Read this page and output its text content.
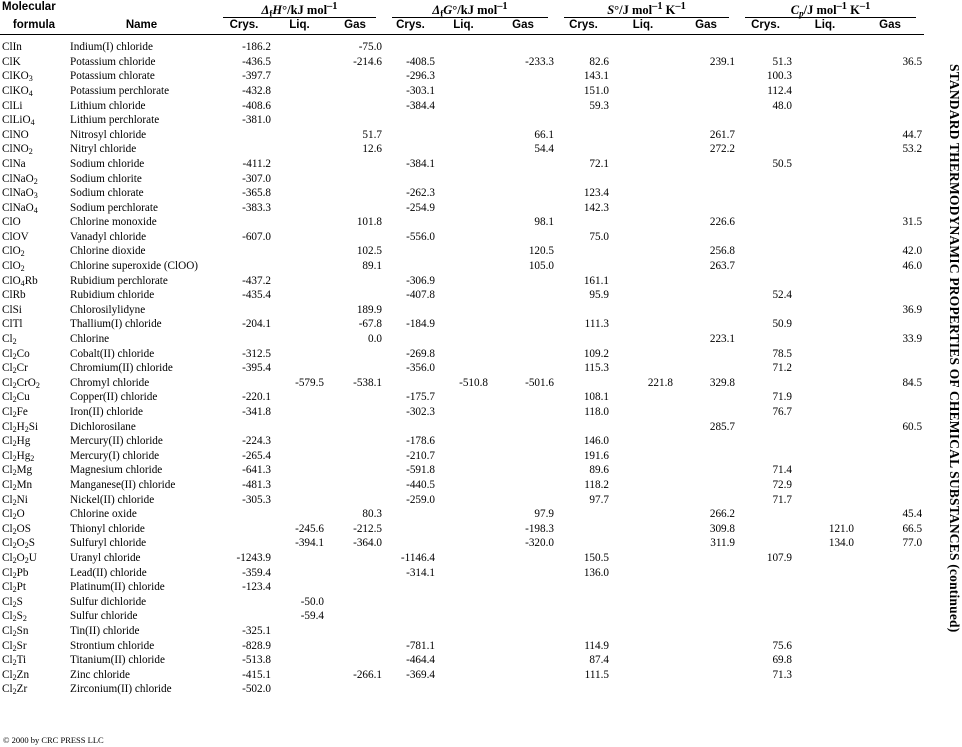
Molecular		$\Delta_fH^\circ/kJ$ mol$^{-1}$			$\Delta_fG^\circ/kJ$ mol$^{-1}$			S°/J mol$^{-1}$ $K^{-1}$			$C_p/J$ mol$^{-1}$ $K^{-1}$

formula	Name	Crys.	Liq.	Gas	Crys.	Liq.	Gas	Crys.	Liq.	Gas	Crys.	Liq.	Gas
ClIn	Indium(I) chloride	-186.2		-75.0									
ClK	Potassium chloride	-436.5		-214.6	-408.5		-233.3	82.6		239.1	51.3		36.5
ClKO$_3$	Potassium chlorate	-397.7			-296.3			143.1			100.3		
ClKO$_4$	Potassium perchlorate	-432.8			-303.1			151.0			112.4		
ClLi	Lithium chloride	-408.6			-384.4			59.3			48.0		
ClLiO$_4$	Lithium perchlorate	-381.0											
ClNO	Nitrosyl chloride			51.7			66.1			261.7			44.7
ClNO$_2$	Nitryl chloride			12.6			54.4			272.2			53.2
ClNa	Sodium chloride	-411.2			-384.1			72.1			50.5		
ClNaO$_2$	Sodium chlorite	-307.0											
ClNaO$_3$	Sodium chlorate	-365.8			-262.3			123.4					
ClNaO$_4$	Sodium perchlorate	-383.3			-254.9			142.3					
ClO	Chlorine monoxide			101.8			98.1			226.6			31.5
ClOV	Vanadyl chloride	-607.0			-556.0			75.0					
ClO$_2$	Chlorine dioxide			102.5			120.5			256.8			42.0
ClO$_2$	Chlorine superoxide (ClOO)			89.1			105.0			263.7			46.0
ClO$_4$Rb	Rubidium perchlorate	-437.2			-306.9			161.1					
ClRb	Rubidium chloride	-435.4			-407.8			95.9			52.4		
ClSi	Chlorosilylidyne			189.9									36.9
ClTl	Thallium(I) chloride	-204.1		-67.8	-184.9			111.3			50.9		
$Cl_2$	Chlorine			0.0						223.1			33.9
$Cl_2Co$	Cobalt(II) chloride	-312.5			-269.8			109.2			78.5		
$Cl_2Cr$	Chromium(II) chloride	-395.4			-356.0			115.3			71.2		
$Cl_2CrO_2$	Chromyl chloride		-579.5	-538.1		-510.8	-501.6		221.8	329.8			84.5
$Cl_2Cu$	Copper(II) chloride	-220.1			-175.7			108.1			71.9		
$Cl_2Fe$	Iron(II) chloride	-341.8			-302.3			118.0			76.7		
$Cl_2H_2Si$	Dichlorosilane									285.7			60.5
$Cl_2Hg$	Mercury(II) chloride	-224.3			-178.6			146.0					
$Cl_2Hg_2$	Mercury(I) chloride	-265.4			-210.7			191.6					
$Cl_2Mg$	Magnesium chloride	-641.3			-591.8			89.6			71.4		
$Cl_2Mn$	Manganese(II) chloride	-481.3			-440.5			118.2			72.9		
$Cl_2Ni$	Nickel(II) chloride	-305.3			-259.0			97.7			71.7		
$Cl_2O$	Chlorine oxide			80.3			97.9			266.2			45.4
$Cl_2OS$	Thionyl chloride		-245.6	-212.5			-198.3			309.8		121.0	66.5
$Cl_2O_2S$	Sulfuryl chloride		-394.1	-364.0			-320.0			311.9		134.0	77.0
$Cl_2O_2U$	Uranyl chloride	-1243.9			-1146.4			150.5			107.9		
$Cl_2Pb$	Lead(II) chloride	-359.4			-314.1			136.0					
$Cl_2Pt$	Platinum(II) chloride	-123.4											
$Cl_2S$	Sulfur dichloride		-50.0										
$Cl_2S_2$	Sulfur chloride		-59.4										
$Cl_2Sn$	Tin(II) chloride	-325.1											
$Cl_2Sr$	Strontium chloride	-828.9			-781.1			114.9			75.6		
$Cl_2Ti$	Titanium(II) chloride	-513.8			-464.4			87.4			69.8		
$Cl_2Zn$	Zinc chloride	-415.1		-266.1	-369.4			111.5			71.3		
$Cl_2Zr$	Zirconium(II) chloride	-502.0											
STANDARD THERMODYNAMIC PROPERTIES OF CHEMICAL SUBSTANCES (continued)
© 2000 by CRC PRESS LLC
